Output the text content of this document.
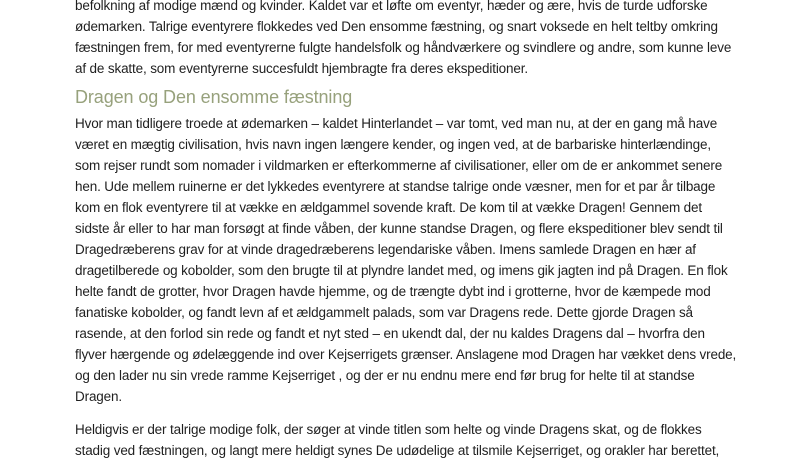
befolkning af modige mænd og kvinder. Kaldet var et løfte om eventyr, hæder og ære, hvis de turde udforske
ødemarken. Talrige eventyrere flokkedes ved Den ensomme fæstning, og snart voksede en helt teltby omkring
fæstningen frem, for med eventyrerne fulgte handelsfolk og håndværkere og svindlere og andre, som kunne leve
af de skatte, som eventyrerne succesfuldt hjembragte fra deres ekspeditioner.

Dragen og Den ensomme fæstning

Hvor man tidligere troede at ødemarken – kaldet Hinterlandet – var tomt, ved man nu, at der en gang må have
været en mægtig civilisation, hvis navn ingen længere kender, og ingen ved, at de barbariske hinterlændinge,
som rejser rundt som nomader i vildmarken er efterkommerne af civilisationer, eller om de er ankommet senere
hen. Ude mellem ruinerne er det lykkedes eventyrere at standse talrige onde væsner, men for et par år tilbage
kom en flok eventyrere til at vække en ældgammel sovende kraft. De kom til at vække Dragen! Gennem det
sidste år eller to har man forsøgt at finde våben, der kunne standse Dragen, og flere ekspeditioner blev sendt til
Dragedræberens grav for at vinde dragedræberens legendariske våben. Imens samlede Dragen en hær af
dragetilberede og kobolder, som den brugte til at plyndre landet med, og imens gik jagten ind på Dragen. En flok
helte fandt de grotter, hvor Dragen havde hjemme, og de trængte dybt ind i grotterne, hvor de kæmpede mod
fanatiske kobolder, og fandt levn af et ældgammelt palads, som var Dragens rede. Dette gjorde Dragen så
rasende, at den forlod sin rede og fandt et nyt sted – en ukendt dal, der nu kaldes Dragens dal – hvorfra den
flyver hærgende og ødelæggende ind over Kejserrigets grænser. Anslagene mod Dragen har vækket dens vrede,
og den lader nu sin vrede ramme Kejserriget , og der er nu endnu mere end før brug for helte til at standse
Dragen.

Heldigvis er der talrige modige folk, der søger at vinde titlen som helte og vinde Dragens skat, og de flokkes
stadig ved fæstningen, og langt mere heldigt synes De udødelige at tilsmile Kejserriget, og orakler har berettet,
